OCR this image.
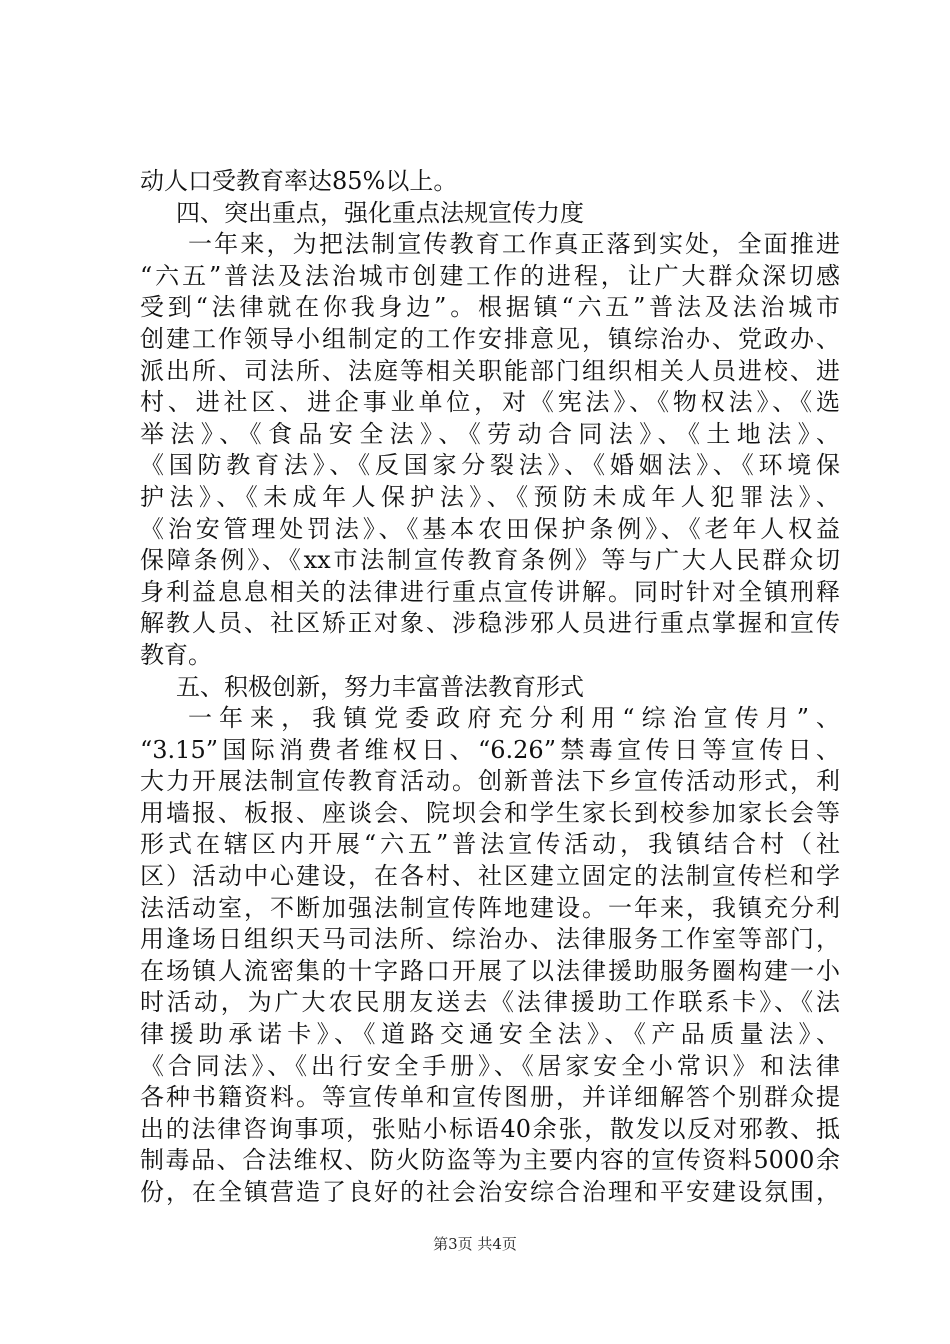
动人口受教育率达85%以上。
四、突出重点，强化重点法规宣传力度
一年来，为把法制宣传教育工作真正落到实处，全面推进
“六五”普法及法治城市创建工作的进程，让广大群众深切感
受到“法律就在你我身边”。根据镇“六五”普法及法治城市
创建工作领导小组制定的工作安排意见，镇综治办、党政办、
派出所、司法所、法庭等相关职能部门组织相关人员进校、进
村、进社区、进企事业单位，对《宪法》、《物权法》、《选
举法》、《食品安全法》、《劳动合同法》、《土地法》、
《国防教育法》、《反国家分裂法》、《婚姻法》、《环境保
护法》、《未成年人保护法》、《预防未成年人犯罪法》、
《治安管理处罚法》、《基本农田保护条例》、《老年人权益
保障条例》、《xx市法制宣传教育条例》等与广大人民群众切
身利益息息相关的法律进行重点宣传讲解。同时针对全镇刑释
解教人员、社区矫正对象、涉稳涉邪人员进行重点掌握和宣传
教育。
五、积极创新，努力丰富普法教育形式
一年来，我镇党委政府充分利用“综治宣传月”、
“3.15”国际消费者维权日、“6.26”禁毒宣传日等宣传日、
大力开展法制宣传教育活动。创新普法下乡宣传活动形式，利
用墙报、板报、座谈会、院坝会和学生家长到校参加家长会等
形式在辖区内开展“六五”普法宣传活动，我镇结合村（社
区）活动中心建设，在各村、社区建立固定的法制宣传栏和学
法活动室，不断加强法制宣传阵地建设。一年来，我镇充分利
用逢场日组织天马司法所、综治办、法律服务工作室等部门，
在场镇人流密集的十字路口开展了以法律援助服务圈构建一小
时活动，为广大农民朋友送去《法律援助工作联系卡》、《法
律援助承诺卡》、《道路交通安全法》、《产品质量法》、
《合同法》、《出行安全手册》、《居家安全小常识》和法律
各种书籍资料。等宣传单和宣传图册，并详细解答个别群众提
出的法律咨询事项，张贴小标语40余张，散发以反对邪教、抵
制毒品、合法维权、防火防盗等为主要内容的宣传资料5000余
份，在全镇营造了良好的社会治安综合治理和平安建设氛围，
第3页 共4页
